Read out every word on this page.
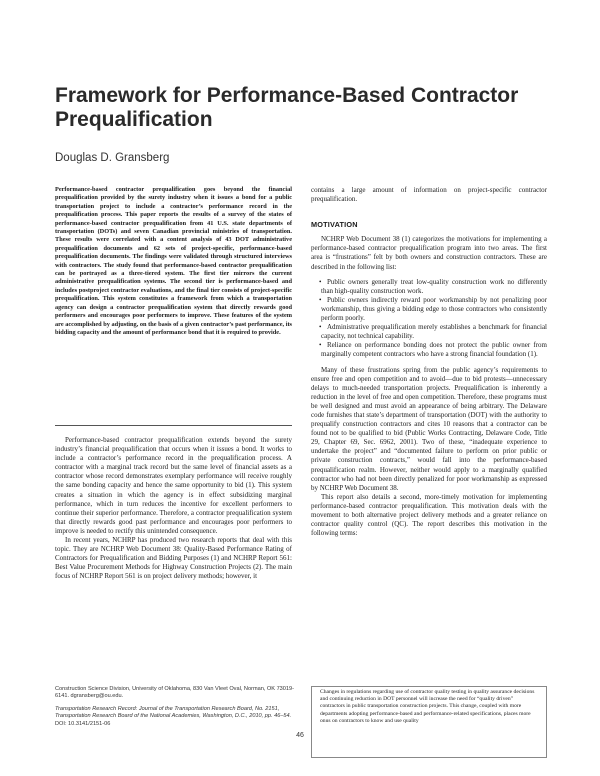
Framework for Performance-Based Contractor Prequalification
Douglas D. Gransberg

Performance-based contractor prequalification goes beyond the financial prequalification provided by the surety industry when it issues a bond for a public transportation project to include a contractor’s performance record in the prequalification process. This paper reports the results of a survey of the states of performance-based contractor prequalification from 41 U.S. state departments of transportation (DOTs) and seven Canadian provincial ministries of transportation. These results were correlated with a content analysis of 43 DOT administrative prequalification documents and 62 sets of project-specific, performance-based prequalification documents. The findings were validated through structured interviews with contractors. The study found that performance-based contractor prequalification can be portrayed as a three-tiered system. The first tier mirrors the current administrative prequalification systems. The second tier is performance-based and includes postproject contractor evaluations, and the final tier consists of project-specific prequalification. This system constitutes a framework from which a transportation agency can design a contractor prequalification system that directly rewards good performers and encourages poor performers to improve. These features of the system are accomplished by adjusting, on the basis of a given contractor’s past performance, its bidding capacity and the amount of performance bond that it is required to provide.

Performance-based contractor prequalification extends beyond the surety industry’s financial prequalification that occurs when it issues a bond. It works to include a contractor’s performance record in the prequalification process. A contractor with a marginal track record but the same level of financial assets as a contractor whose record demonstrates exemplary performance will receive roughly the same bonding capacity and hence the same opportunity to bid (1). This system creates a situation in which the agency is in effect subsidizing marginal performance, which in turn reduces the incentive for excellent performers to continue their superior performance. Therefore, a contractor prequalification system that directly rewards good past performance and encourages poor performers to improve is needed to rectify this unintended consequence.

In recent years, NCHRP has produced two research reports that deal with this topic. They are NCHRP Web Document 38: Quality-Based Performance Rating of Contractors for Prequalification and Bidding Purposes (1) and NCHRP Report 561: Best Value Procurement Methods for Highway Construction Projects (2). The main focus of NCHRP Report 561 is on project delivery methods; however, it

contains a large amount of information on project-specific contractor prequalification.

MOTIVATION

NCHRP Web Document 38 (1) categorizes the motivations for implementing a performance-based contractor prequalification program into two areas. The first area is “frustrations” felt by both owners and construction contractors. These are described in the following list:

• Public owners generally treat low-quality construction work no differently than high-quality construction work.

• Public owners indirectly reward poor workmanship by not penalizing poor workmanship, thus giving a bidding edge to those contractors who consistently perform poorly.

• Administrative prequalification merely establishes a benchmark for financial capacity, not technical capability.

• Reliance on performance bonding does not protect the public owner from marginally competent contractors who have a strong financial foundation (1).

Many of these frustrations spring from the public agency’s requirements to ensure free and open competition and to avoid—due to bid protests—unnecessary delays to much-needed transportation projects. Prequalification is inherently a reduction in the level of free and open competition. Therefore, these programs must be well designed and must avoid an appearance of being arbitrary. The Delaware code furnishes that state’s department of transportation (DOT) with the authority to prequalify construction contractors and cites 10 reasons that a contractor can be found not to be qualified to bid (Public Works Contracting, Delaware Code, Title 29, Chapter 69, Sec. 6962, 2001). Two of these, “inadequate experience to undertake the project” and “documented failure to perform on prior public or private construction contracts,” would fall into the performance-based prequalification realm. However, neither would apply to a marginally qualified contractor who had not been directly penalized for poor workmanship as expressed by NCHRP Web Document 38.

This report also details a second, more-timely motivation for implementing performance-based contractor prequalification. This motivation deals with the movement to both alternative project delivery methods and a greater reliance on contractor quality control (QC). The report describes this motivation in the following terms:

Construction Science Division, University of Oklahoma, 830 Van Vleet Oval, Norman, OK 73019-6141. dgransberg@ou.edu.

Transportation Research Record: Journal of the Transportation Research Board, No. 2151, Transportation Research Board of the National Academies, Washington, D.C., 2010, pp. 46–54.

DOI: 10.3141/2151-06

Changes in regulations regarding use of contractor quality testing in quality assurance decisions and continuing reduction in DOT personnel will increase the need for “quality driven” contractors in public transportation construction projects. This change, coupled with more departments adopting performance-based and performance-related specifications, places more onus on contractors to know and use quality
46
